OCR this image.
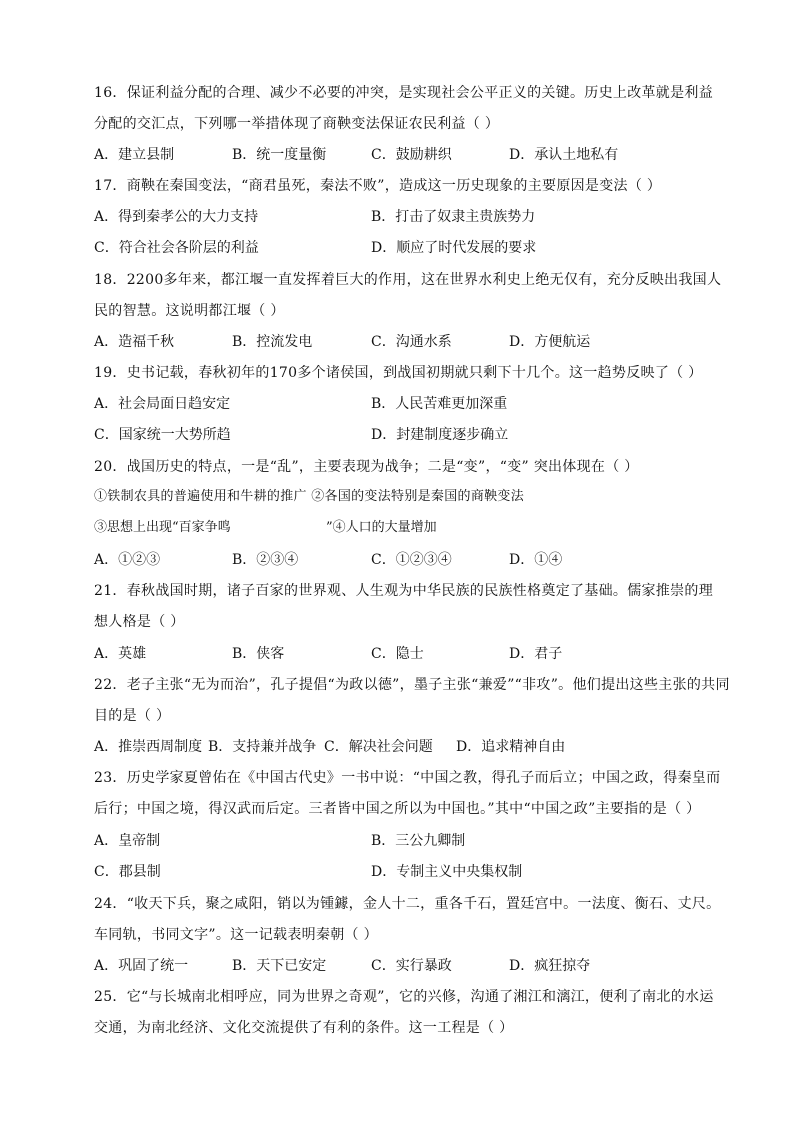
16．保证利益分配的合理、减少不必要的冲突，是实现社会公平正义的关键。历史上改革就是利益
分配的交汇点，下列哪一举措体现了商鞅变法保证农民利益（ ）
A．建立县制	B．统一度量衡	C．鼓励耕织	D．承认土地私有
17．商鞅在秦国变法，“商君虽死，秦法不败”，造成这一历史现象的主要原因是变法（ ）
A．得到秦孝公的大力支持	B．打击了奴隶主贵族势力
C．符合社会各阶层的利益	D．顺应了时代发展的要求
18．2200多年来，都江堰一直发挥着巨大的作用，这在世界水利史上绝无仅有，充分反映出我国人
民的智慧。这说明都江堰（ ）
A．造福千秋	B．控流发电	C．沟通水系	D．方便航运
19．史书记载，春秋初年的170多个诸侯国，到战国初期就只剩下十几个。这一趋势反映了（ ）
A．社会局面日趋安定	B．人民苦难更加深重
C．国家统一大势所趋	D．封建制度逐步确立
20．战国历史的特点，一是“乱”，主要表现为战争；二是“变”，“变” 突出体现在（ ）
①铁制农具的普遍使用和牛耕的推广 ②各国的变法特别是秦国的商鞅变法
③思想上出现“百家争鸣	”④人口的大量增加
A．①②③	B．②③④	C．①②③④	D．①④
21．春秋战国时期，诸子百家的世界观、人生观为中华民族的民族性格奠定了基础。儒家推崇的理
想人格是（ ）
A．英雄	B．侠客	C．隐士	D．君子
22．老子主张“无为而治”，孔子提倡“为政以德”，墨子主张“兼爱”“非攻”。他们提出这些主张的共同
目的是（ ）
A．推崇西周制度 B．支持兼并战争 C．解决社会问题 D．追求精神自由
23．历史学家夏曾佑在《中国古代史》一书中说：“中国之教，得孔子而后立；中国之政，得秦皇而
后行；中国之境，得汉武而后定。三者皆中国之所以为中国也。”其中“中国之政”主要指的是（ ）
A．皇帝制	B．三公九卿制
C．郡县制	D．专制主义中央集权制
24．“收天下兵，聚之咸阳，销以为锺鐻，金人十二，重各千石，置廷宫中。一法度、衡石、丈尺。
车同轨，书同文字”。这一记载表明秦朝（ ）
A．巩固了统一	B．天下已安定	C．实行暴政	D．疯狂掠夺
25．它“与长城南北相呼应，同为世界之奇观”，它的兴修，沟通了湘江和漓江，便利了南北的水运
交通，为南北经济、文化交流提供了有利的条件。这一工程是（ ）
